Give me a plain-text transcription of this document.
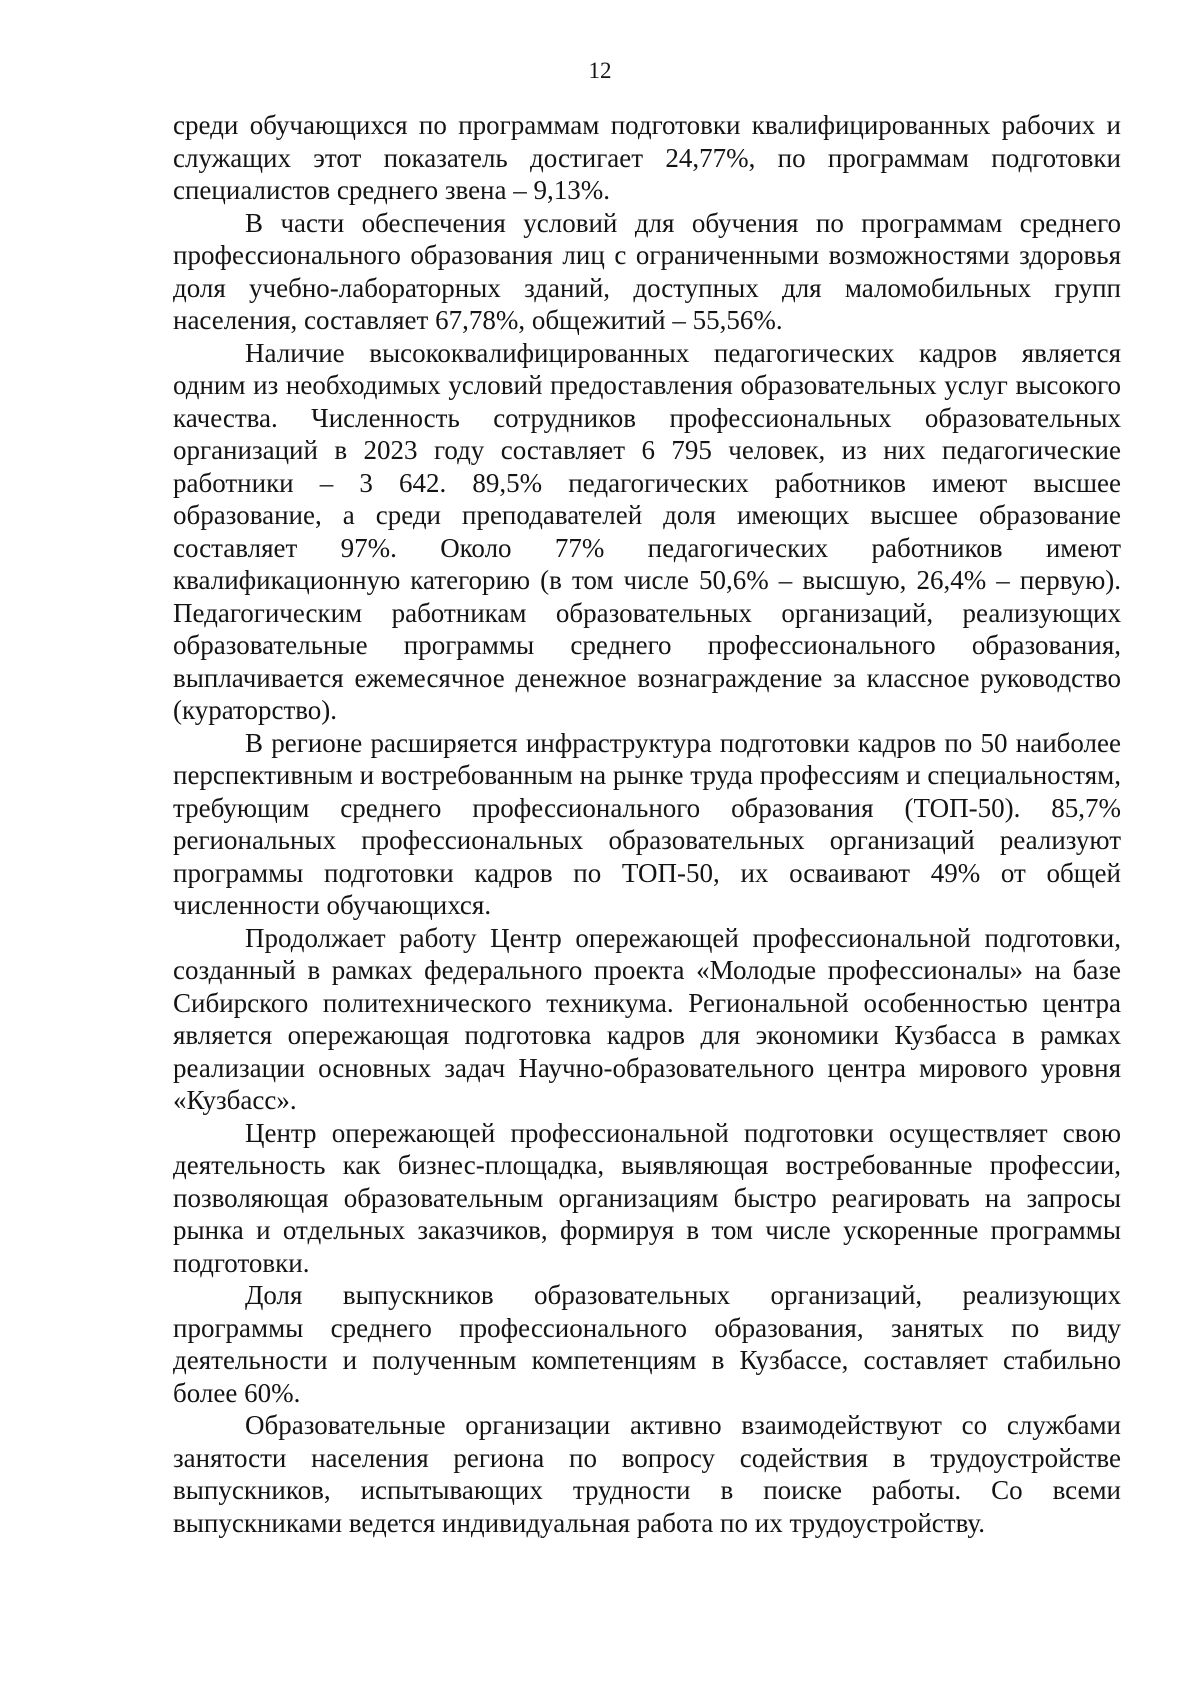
12

среди обучающихся по программам подготовки квалифицированных рабочих и служащих этот показатель достигает 24,77%, по программам подготовки специалистов среднего звена – 9,13%.

В части обеспечения условий для обучения по программам среднего профессионального образования лиц с ограниченными возможностями здоровья доля учебно-лабораторных зданий, доступных для маломобильных групп населения, составляет 67,78%, общежитий – 55,56%.

Наличие высококвалифицированных педагогических кадров является одним из необходимых условий предоставления образовательных услуг высокого качества. Численность сотрудников профессиональных образовательных организаций в 2023 году составляет 6 795 человек, из них педагогические работники – 3 642. 89,5% педагогических работников имеют высшее образование, а среди преподавателей доля имеющих высшее образование составляет 97%. Около 77% педагогических работников имеют квалификационную категорию (в том числе 50,6% – высшую, 26,4% – первую). Педагогическим работникам образовательных организаций, реализующих образовательные программы среднего профессионального образования, выплачивается ежемесячное денежное вознаграждение за классное руководство (кураторство).

В регионе расширяется инфраструктура подготовки кадров по 50 наиболее перспективным и востребованным на рынке труда профессиям и специальностям, требующим среднего профессионального образования (ТОП-50). 85,7% региональных профессиональных образовательных организаций реализуют программы подготовки кадров по ТОП-50, их осваивают 49% от общей численности обучающихся.

Продолжает работу Центр опережающей профессиональной подготовки, созданный в рамках федерального проекта «Молодые профессионалы» на базе Сибирского политехнического техникума. Региональной особенностью центра является опережающая подготовка кадров для экономики Кузбасса в рамках реализации основных задач Научно-образовательного центра мирового уровня «Кузбасс».

Центр опережающей профессиональной подготовки осуществляет свою деятельность как бизнес-площадка, выявляющая востребованные профессии, позволяющая образовательным организациям быстро реагировать на запросы рынка и отдельных заказчиков, формируя в том числе ускоренные программы подготовки.

Доля выпускников образовательных организаций, реализующих программы среднего профессионального образования, занятых по виду деятельности и полученным компетенциям в Кузбассе, составляет стабильно более 60%.

Образовательные организации активно взаимодействуют со службами занятости населения региона по вопросу содействия в трудоустройстве выпускников, испытывающих трудности в поиске работы. Со всеми выпускниками ведется индивидуальная работа по их трудоустройству.
